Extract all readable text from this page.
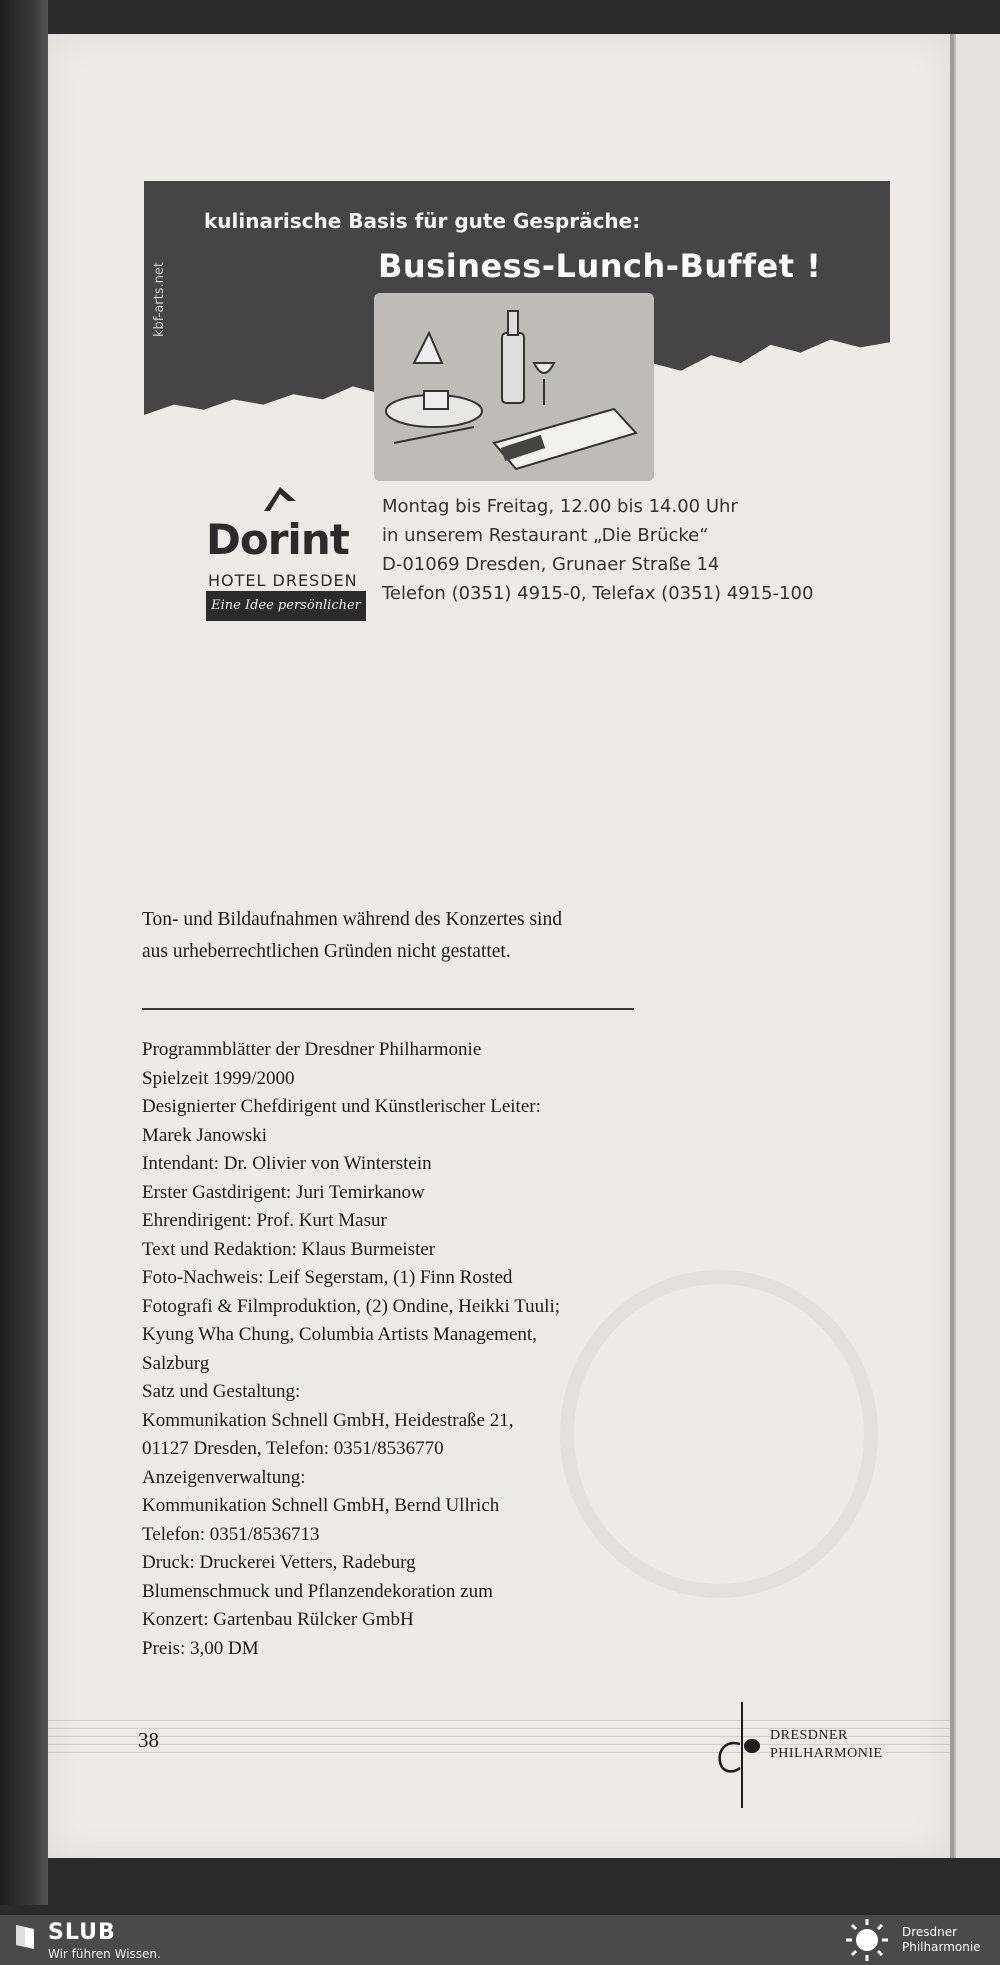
kulinarische Basis für gute Gespräche:
Business-Lunch-Buffet !
kbf-arts.net
Dorint
HOTEL DRESDEN
Eine Idee persönlicher
Montag bis Freitag, 12.00 bis 14.00 Uhr
in unserem Restaurant „Die Brücke“
D-01069 Dresden, Grunaer Straße 14
Telefon (0351) 4915-0, Telefax (0351) 4915-100
Ton- und Bildaufnahmen während des Konzertes sind
aus urheberrechtlichen Gründen nicht gestattet.
Programmblätter der Dresdner Philharmonie
Spielzeit 1999/2000
Designierter Chefdirigent und Künstlerischer Leiter:
Marek Janowski
Intendant: Dr. Olivier von Winterstein
Erster Gastdirigent: Juri Temirkanow
Ehrendirigent: Prof. Kurt Masur
Text und Redaktion: Klaus Burmeister
Foto-Nachweis: Leif Segerstam, (1) Finn Rosted
Fotografi & Filmproduktion, (2) Ondine, Heikki Tuuli;
Kyung Wha Chung, Columbia Artists Management,
Salzburg
Satz und Gestaltung:
Kommunikation Schnell GmbH, Heidestraße 21,
01127 Dresden, Telefon: 0351/8536770
Anzeigenverwaltung:
Kommunikation Schnell GmbH, Bernd Ullrich
Telefon: 0351/8536713
Druck: Druckerei Vetters, Radeburg
Blumenschmuck und Pflanzendekoration zum
Konzert: Gartenbau Rülcker GmbH
Preis: 3,00 DM
38	DRESDNER
PHILHARMONIE
SLUB
Wir führen Wissen.
Dresdner
Philharmonie
